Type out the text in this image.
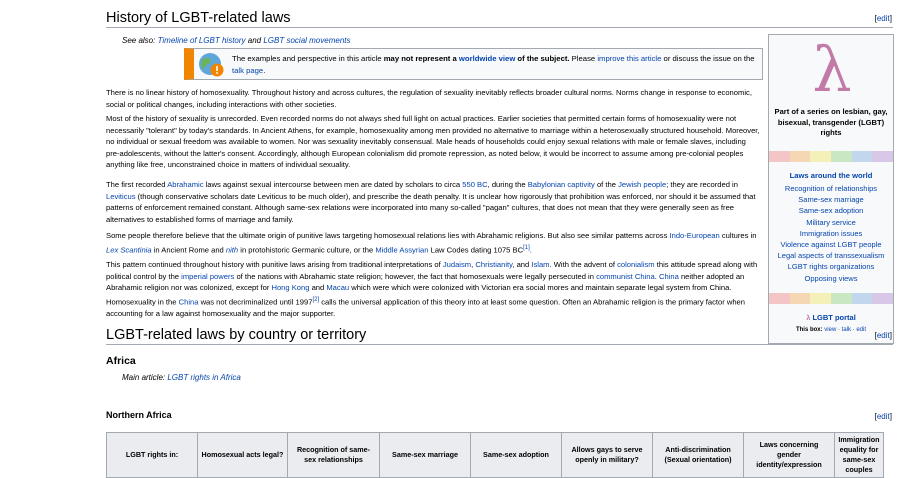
History of LGBT-related laws	[edit]
See also: Timeline of LGBT history and LGBT social movements
The examples and perspective in this article may not represent a worldwide view of the subject. Please improve this article or discuss the issue on the talk page.
There is no linear history of homosexuality. Throughout history and across cultures, the regulation of sexuality inevitably reflects broader cultural norms. Norms change in response to economic, social or political changes, including interactions with other societies.
Most of the history of sexuality is unrecorded. Even recorded norms do not always shed full light on actual practices. Earlier societies that permitted certain forms of homosexuality were not necessarily "tolerant" by today's standards. In Ancient Athens, for example, homosexuality among men provided no alternative to marriage within a heterosexually structured household. Moreover, no individual or sexual freedom was available to women. Nor was sexuality inevitably consensual. Male heads of households could enjoy sexual relations with male or female slaves, including pre-adolescents, without the latter's consent. Accordingly, although European colonialism did promote repression, as noted below, it would be incorrect to assume among pre-colonial peoples anything like free, unconstrained choice in matters of individual sexuality.
The first recorded Abrahamic laws against sexual intercourse between men are dated by scholars to circa 550 BC, during the Babylonian captivity of the Jewish people; they are recorded in Leviticus (though conservative scholars date Leviticus to be much older), and prescribe the death penalty. It is unclear how rigorously that prohibition was enforced, nor should it be assumed that patterns of enforcement remained constant. Although same-sex relations were incorporated into many so-called "pagan" cultures, that does not mean that they were generally seen as free alternatives to established forms of marriage and family.
Some people therefore believe that the ultimate origin of punitive laws targeting homosexual relations lies with Abrahamic religions. But also see similar patterns across Indo-European cultures in Lex Scantinia in Ancient Rome and nith in protohistoric Germanic culture, or the Middle Assyrian Law Codes dating 1075 BC[1].
This pattern continued throughout history with punitive laws arising from traditional interpretations of Judaism, Christianity, and Islam. With the advent of colonialism this attitude spread along with political control by the imperial powers of the nations with Abrahamic state religion; however, the fact that homosexuals were legally persecuted in communist China. China neither adopted an Abrahamic religion nor was colonized, except for Hong Kong and Macau which were which were colonized with Victorian era social mores and maintain separate legal system from China. Homosexuality in the China was not decriminalized until 1997[2] calls the universal application of this theory into at least some question. Often an Abrahamic religion is the primary factor when accounting for a law against homosexuality and the major supporter.
λ
Part of a series on lesbian, gay, bisexual, transgender (LGBT) rights
Laws around the world
Recognition of relationships
Same-sex marriage
Same-sex adoption
Military service
Immigration issues
Violence against LGBT people
Legal aspects of transsexualism
LGBT rights organizations
Opposing views
λ LGBT portal
This box: view · talk · edit
LGBT-related laws by country or territory	[edit]
Africa
Main article: LGBT rights in Africa
Northern Africa	[edit]
LGBT rights in:	Homosexual acts legal?	Recognition of same-sex relationships	Same-sex marriage	Same-sex adoption	Allows gays to serve openly in military?	Anti-discrimination (Sexual orientation)	Laws concerning gender identity/expression	Immigration equality for same-sex couples
